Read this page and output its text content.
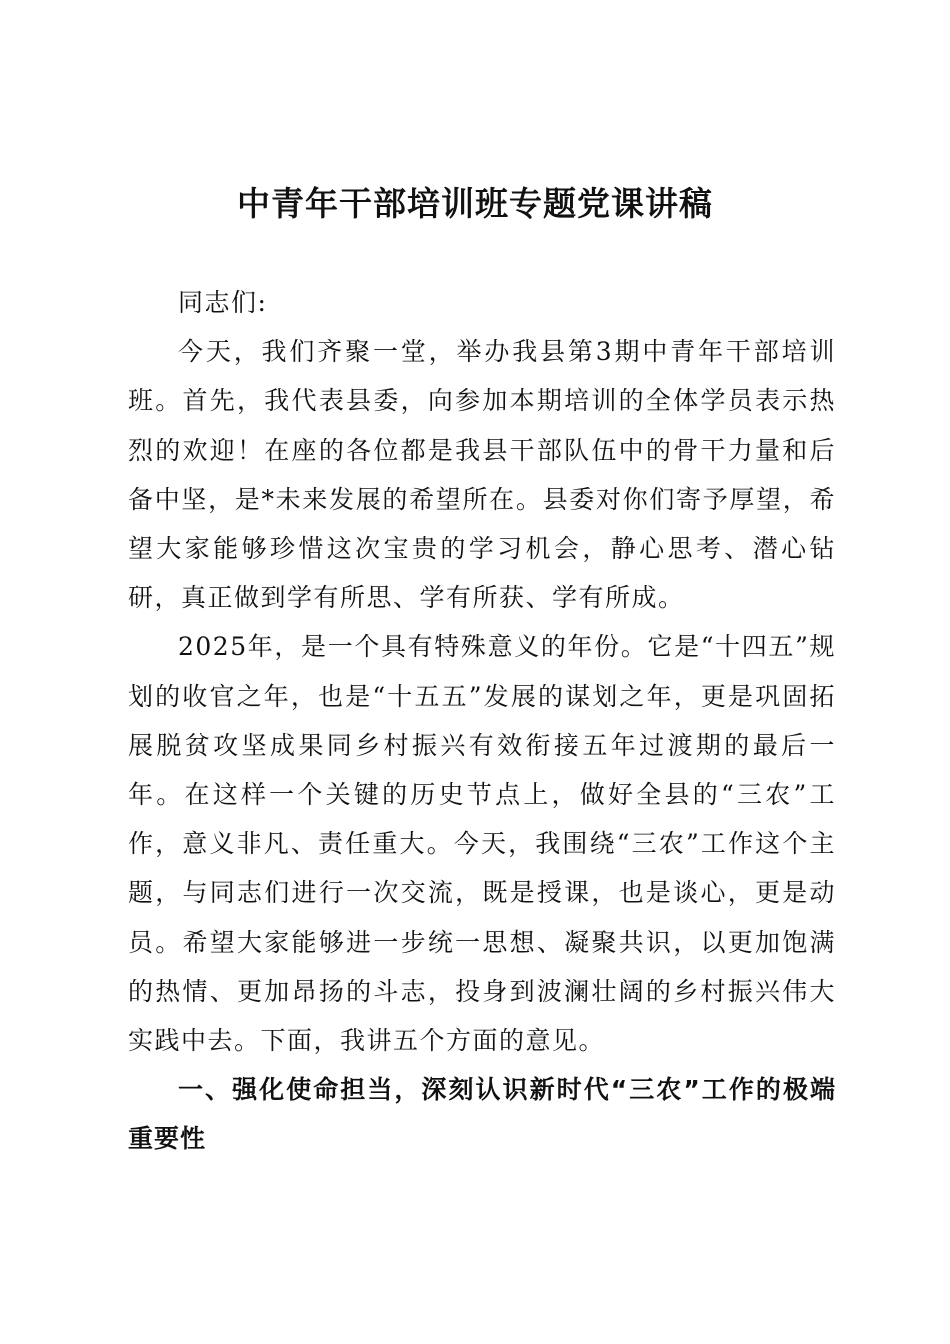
中青年干部培训班专题党课讲稿

同志们:

今天，我们齐聚一堂，举办我县第3期中青年干部培训班。首先，我代表县委，向参加本期培训的全体学员表示热烈的欢迎！在座的各位都是我县干部队伍中的骨干力量和后备中坚，是*未来发展的希望所在。县委对你们寄予厚望，希望大家能够珍惜这次宝贵的学习机会，静心思考、潜心钻研，真正做到学有所思、学有所获、学有所成。

2025年，是一个具有特殊意义的年份。它是“十四五”规划的收官之年，也是“十五五”发展的谋划之年，更是巩固拓展脱贫攻坚成果同乡村振兴有效衔接五年过渡期的最后一年。在这样一个关键的历史节点上，做好全县的“三农”工作，意义非凡、责任重大。今天，我围绕“三农”工作这个主题，与同志们进行一次交流，既是授课，也是谈心，更是动员。希望大家能够进一步统一思想、凝聚共识，以更加饱满的热情、更加昂扬的斗志，投身到波澜壮阔的乡村振兴伟大实践中去。下面，我讲五个方面的意见。

一、强化使命担当，深刻认识新时代“三农”工作的极端重要性
